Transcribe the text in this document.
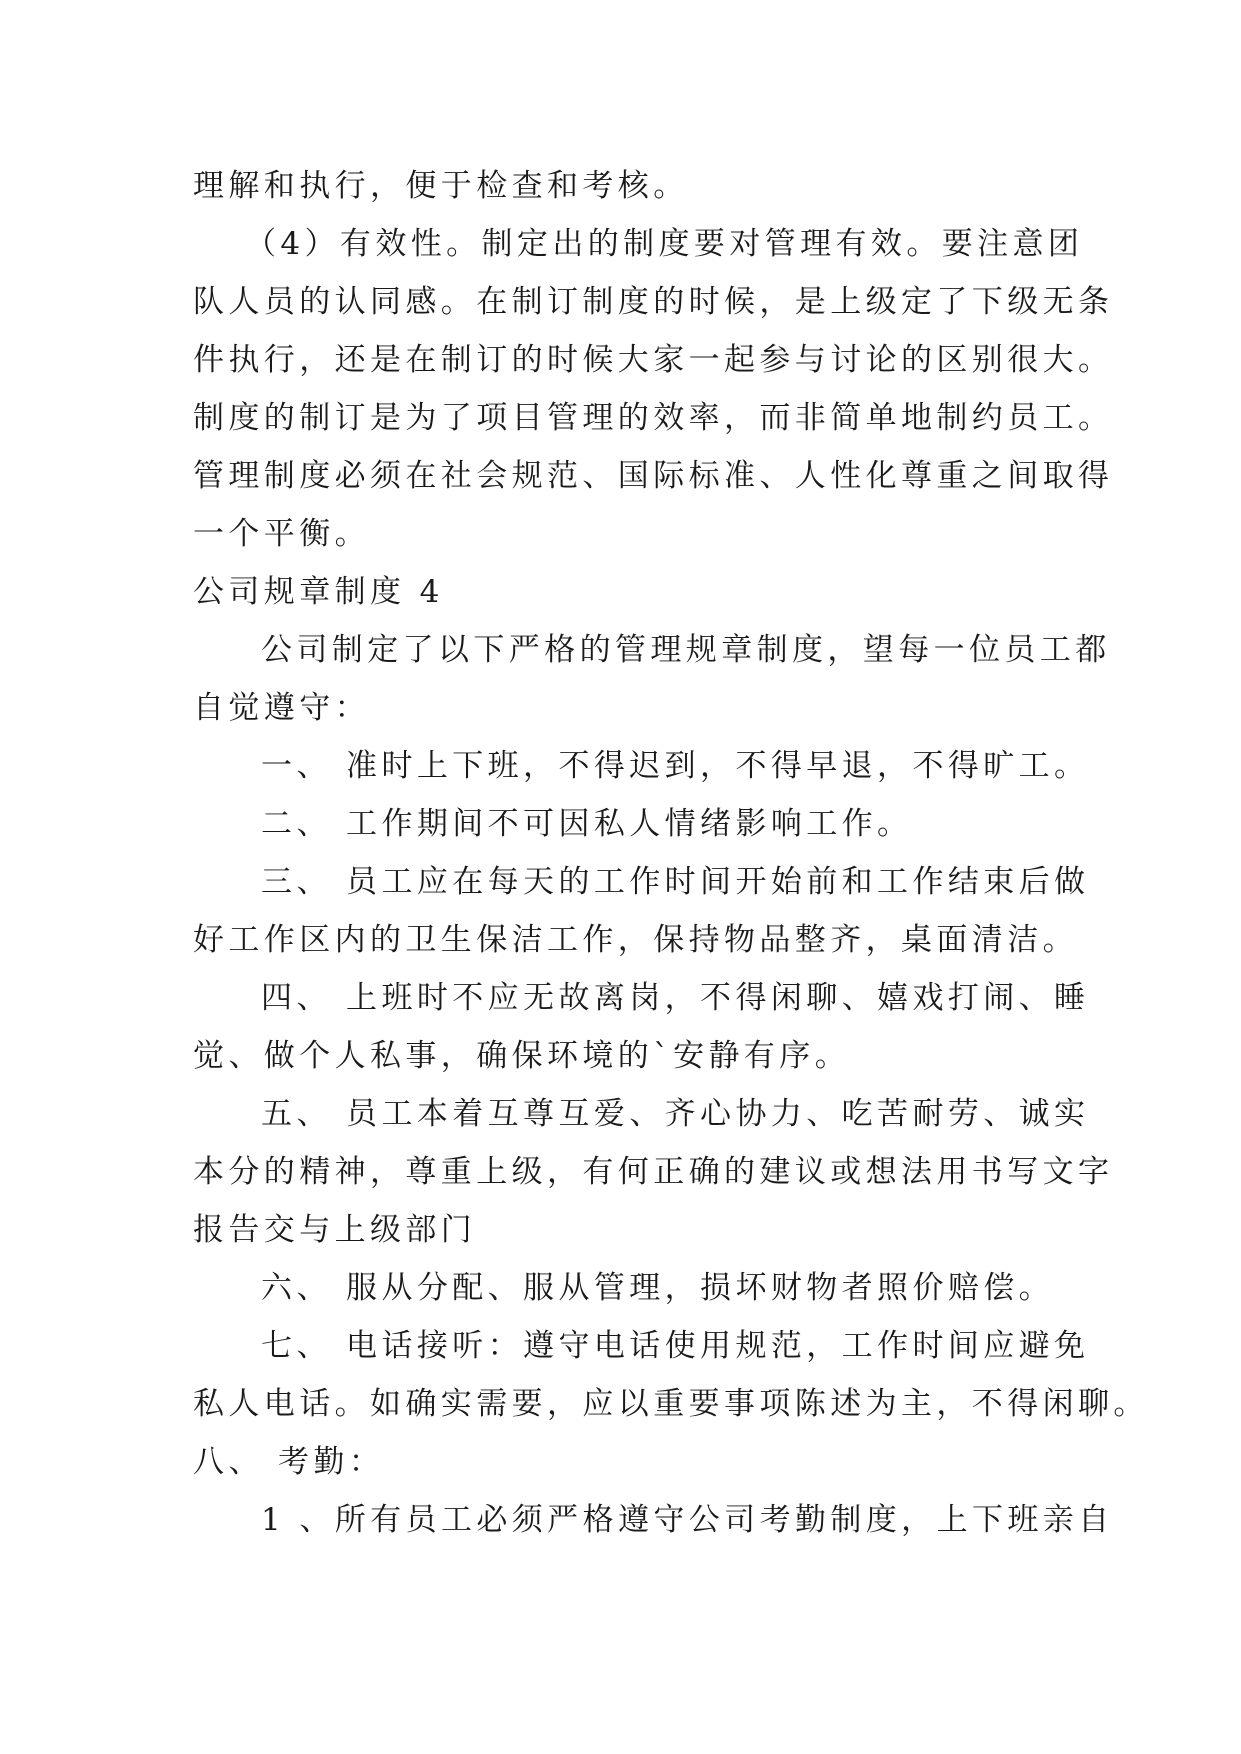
理解和执行，便于检查和考核。
（4）有效性。制定出的制度要对管理有效。要注意团
队人员的认同感。在制订制度的时候，是上级定了下级无条
件执行，还是在制订的时候大家一起参与讨论的区别很大。
制度的制订是为了项目管理的效率，而非简单地制约员工。
管理制度必须在社会规范、国际标准、人性化尊重之间取得
一个平衡。
公司规章制度 4
公司制定了以下严格的管理规章制度，望每一位员工都
自觉遵守：
一、 准时上下班，不得迟到，不得早退，不得旷工。
二、 工作期间不可因私人情绪影响工作。
三、 员工应在每天的工作时间开始前和工作结束后做
好工作区内的卫生保洁工作，保持物品整齐，桌面清洁。
四、 上班时不应无故离岗，不得闲聊、嬉戏打闹、睡
觉、做个人私事，确保环境的`安静有序。
五、 员工本着互尊互爱、齐心协力、吃苦耐劳、诚实
本分的精神，尊重上级，有何正确的建议或想法用书写文字
报告交与上级部门
六、 服从分配、服从管理，损坏财物者照价赔偿。
七、 电话接听：遵守电话使用规范，工作时间应避免
私人电话。如确实需要，应以重要事项陈述为主，不得闲聊。
八、 考勤：
1 、所有员工必须严格遵守公司考勤制度，上下班亲自
